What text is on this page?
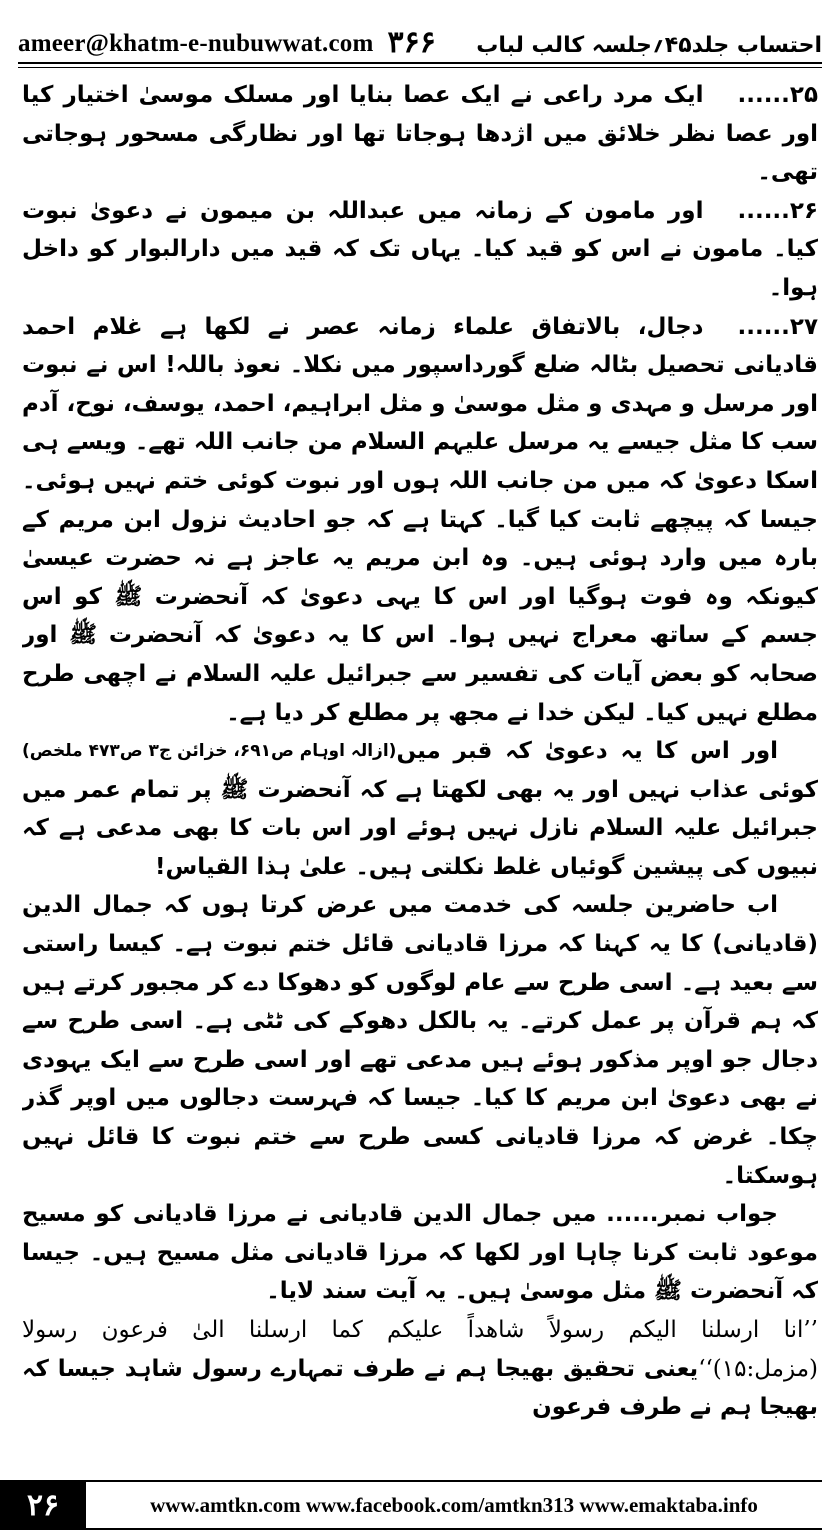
ameer@khatm-e-nubuwwat.com ۳۶۶ احتساب جلد۴۵؍جلسہ کالب لباب

۲۵......ایک مرد راعی نے ایک عصا بنایا اور مسلک موسیٰ اختیار کیا اور عصا نظر خلائق میں اژدھا ہوجاتا تھا اور نظارگی مسحور ہوجاتی تھی۔

۲۶......اور مامون کے زمانہ میں عبداللہ بن میمون نے دعویٰ نبوت کیا۔ مامون نے اس کو قید کیا۔ یہاں تک کہ قید میں دارالبوار کو داخل ہوا۔

۲۷......دجال، بالاتفاق علماء زمانہ عصر نے لکھا ہے غلام احمد قادیانی تحصیل بٹالہ ضلع گورداسپور میں نکلا۔ نعوذ باللہ! اس نے نبوت اور مرسل و مہدی و مثل موسیٰ و مثل ابراہیم، احمد، یوسف، نوح، آدم سب کا مثل جیسے یہ مرسل علیہم السلام من جانب اللہ تھے۔ ویسے ہی اسکا دعویٰ کہ میں من جانب اللہ ہوں اور نبوت کوئی ختم نہیں ہوئی۔ جیسا کہ پیچھے ثابت کیا گیا۔ کہتا ہے کہ جو احادیث نزول ابن مریم کے بارہ میں وارد ہوئی ہیں۔ وہ ابن مریم یہ عاجز ہے نہ حضرت عیسیٰ کیونکہ وہ فوت ہوگیا اور اس کا یہی دعویٰ کہ آنحضرت ﷺ کو اس جسم کے ساتھ معراج نہیں ہوا۔ اس کا یہ دعویٰ کہ آنحضرت ﷺ اور صحابہ کو بعض آیات کی تفسیر سے جبرائیل علیہ السلام نے اچھی طرح مطلع نہیں کیا۔ لیکن خدا نے مجھ پر مطلع کر دیا ہے۔
(ازالہ اوہام ص۶۹۱، خزائن ج۳ ص۴۷۳ ملخص) اور اس کا یہ دعویٰ کہ قبر میں کوئی عذاب نہیں اور یہ بھی لکھتا ہے کہ آنحضرت ﷺ پر تمام عمر میں جبرائیل علیہ السلام نازل نہیں ہوئے اور اس بات کا بھی مدعی ہے کہ نبیوں کی پیشین گوئیاں غلط نکلتی ہیں۔ علیٰ ہذا القیاس!

اب حاضرین جلسہ کی خدمت میں عرض کرتا ہوں کہ جمال الدین (قادیانی) کا یہ کہنا کہ مرزا قادیانی قائل ختم نبوت ہے۔ کیسا راستی سے بعید ہے۔ اسی طرح سے عام لوگوں کو دھوکا دے کر مجبور کرتے ہیں کہ ہم قرآن پر عمل کرتے۔ یہ بالکل دھوکے کی ٹٹی ہے۔ اسی طرح سے دجال جو اوپر مذکور ہوئے ہیں مدعی تھے اور اسی طرح سے ایک یہودی نے بھی دعویٰ ابن مریم کا کیا۔ جیسا کہ فہرست دجالوں میں اوپر گذر چکا۔ غرض کہ مرزا قادیانی کسی طرح سے ختم نبوت کا قائل نہیں ہوسکتا۔

جواب نمبر...... میں جمال الدین قادیانی نے مرزا قادیانی کو مسیح موعود ثابت کرنا چاہا اور لکھا کہ مرزا قادیانی مثل مسیح ہیں۔ جیسا کہ آنحضرت ﷺ مثل موسیٰ ہیں۔ یہ آیت سند لایا۔

’’انا ارسلنا الیکم رسولاً شاھداً علیکم کما ارسلنا الیٰ فرعون رسولا (مزمل:۱۵)‘‘یعنی تحقیق بھیجا ہم نے طرف تمہارے رسول شاہد جیسا کہ بھیجا ہم نے طرف فرعون

۲۶	www.amtkn.com www.facebook.com/amtkn313 www.emaktaba.info
